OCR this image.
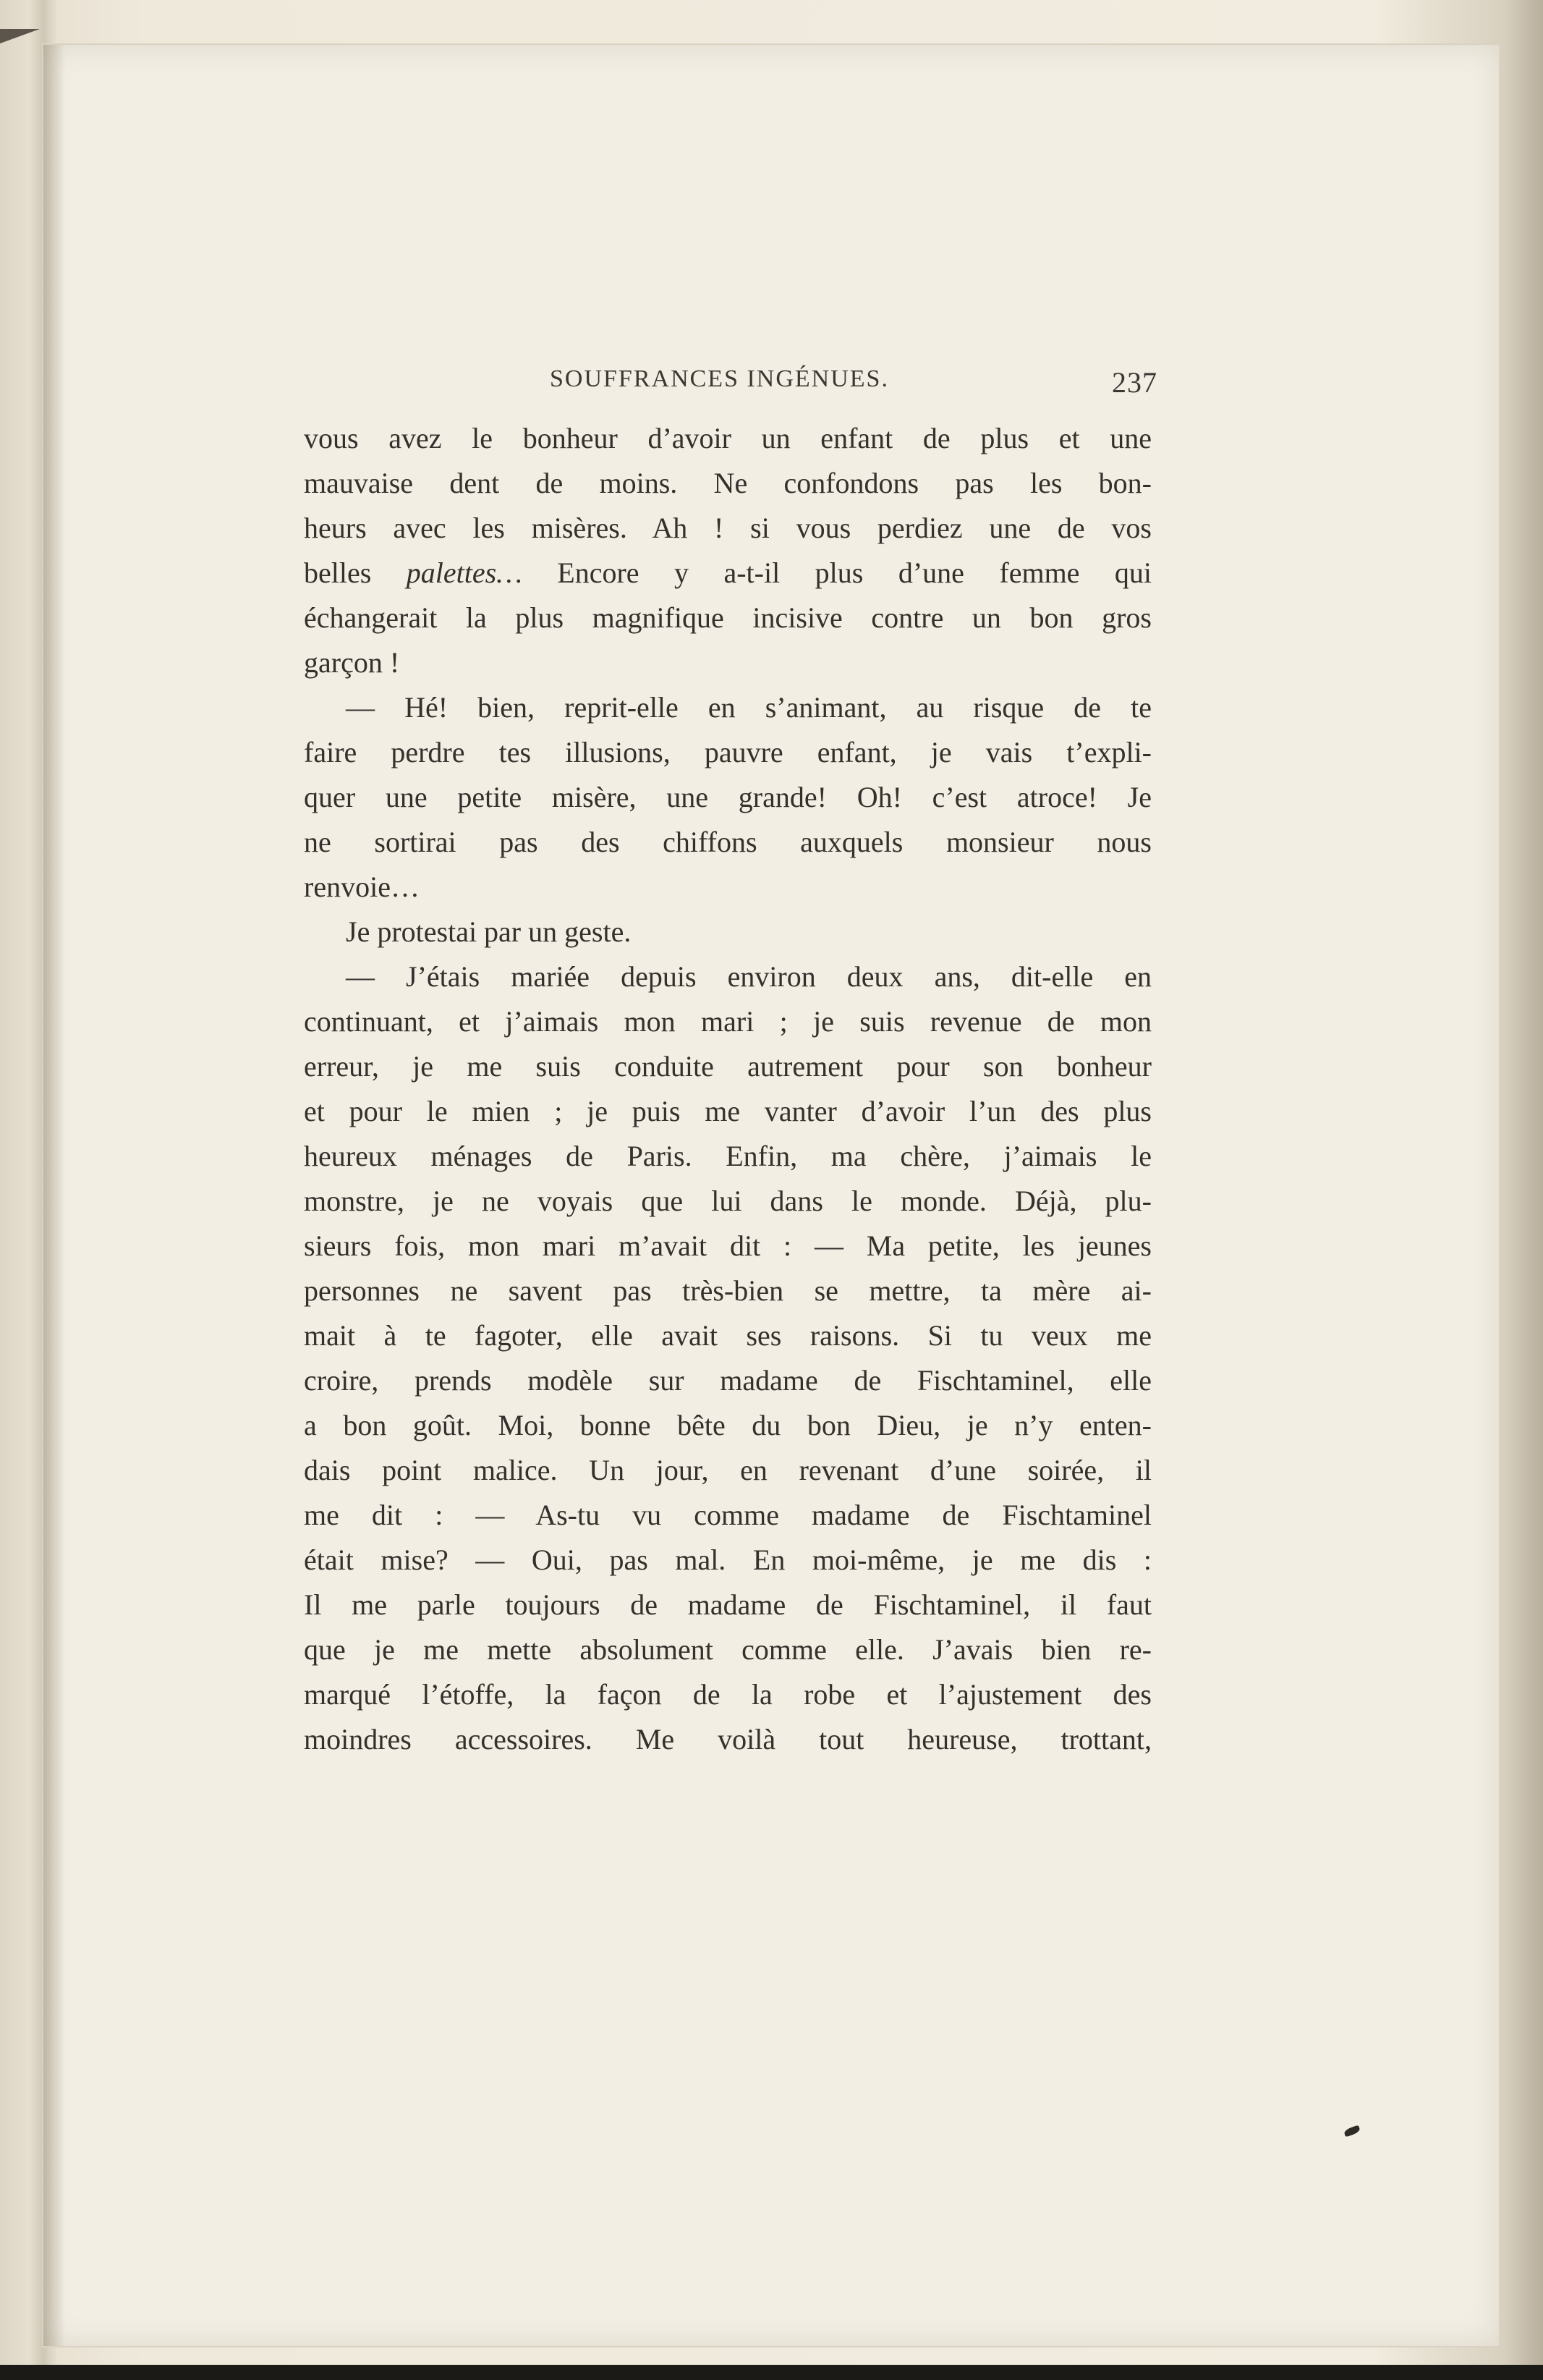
SOUFFRANCES INGÉNUES.	237
vous avez le bonheur d’avoir un enfant de plus et une
mauvaise dent de moins. Ne confondons pas les bon-
heurs avec les misères. Ah ! si vous perdiez une de vos
belles palettes… Encore y a-t-il plus d’une femme qui
échangerait la plus magnifique incisive contre un bon gros
garçon !
— Hé! bien, reprit-elle en s’animant, au risque de te
faire perdre tes illusions, pauvre enfant, je vais t’expli-
quer une petite misère, une grande! Oh! c’est atroce! Je
ne sortirai pas des chiffons auxquels monsieur nous
renvoie…
Je protestai par un geste.
— J’étais mariée depuis environ deux ans, dit-elle en
continuant, et j’aimais mon mari ; je suis revenue de mon
erreur, je me suis conduite autrement pour son bonheur
et pour le mien ; je puis me vanter d’avoir l’un des plus
heureux ménages de Paris. Enfin, ma chère, j’aimais le
monstre, je ne voyais que lui dans le monde. Déjà, plu-
sieurs fois, mon mari m’avait dit : — Ma petite, les jeunes
personnes ne savent pas très-bien se mettre, ta mère ai-
mait à te fagoter, elle avait ses raisons. Si tu veux me
croire, prends modèle sur madame de Fischtaminel, elle
a bon goût. Moi, bonne bête du bon Dieu, je n’y enten-
dais point malice. Un jour, en revenant d’une soirée, il
me dit : — As-tu vu comme madame de Fischtaminel
était mise? — Oui, pas mal. En moi-même, je me dis :
Il me parle toujours de madame de Fischtaminel, il faut
que je me mette absolument comme elle. J’avais bien re-
marqué l’étoffe, la façon de la robe et l’ajustement des
moindres accessoires. Me voilà tout heureuse, trottant,
